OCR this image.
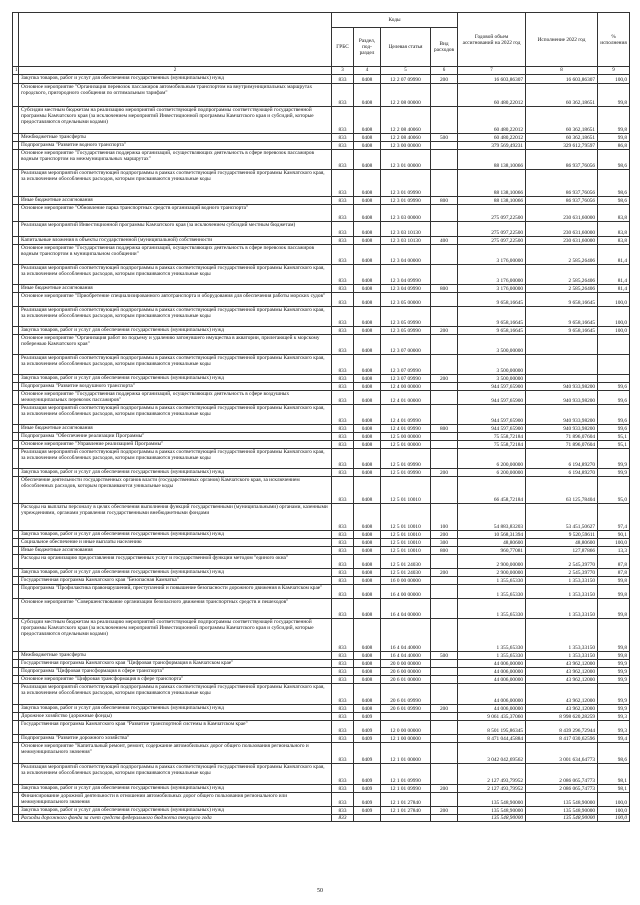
		Коды				Годовой объем ассигнований на 2022 год	Исполнение 2022 год	% исполнения
		ГРБС	Раздел, под-раздел	Целевая статья	Вид расходов			
1	2	3	4	5	6	7	8	9
	Закупка товаров, работ и услуг для обеспечения государственных (муниципальных) нужд	833	0408	12 2 07 09990	200	16 603,86307	16 603,86307	100,0
	Основное мероприятие "Организация перевозок пассажиров автомобильным транспортом на внутримуниципальных маршрутах городского, пригородного сообщения по оптимальным тарифам"	833	0408	12 2 08 00000		60 480,22012	60 362,18651	99,8
	Субсидии местным бюджетам на реализацию мероприятий соответствующей подпрограммы соответствующей государственной программы Камчатского края (за исключением мероприятий Инвестиционной программы Камчатского края и субсидий, которые предоставляются отдельными кодами)	833	0408	12 2 08 40060		60 480,22012	60 362,18651	99,8
	Межбюджетные трансферты	833	0408	12 2 08 40060	500	60 480,22012	60 362,18651	99,8
	Подпрограмма "Развитие водного транспорта"	833	0408	12 3 00 00000		379 569,49231	329 612,79597	86,8
	Основное мероприятие "Государственная поддержка организаций, осуществляющих деятельность в сфере перевозок пассажиров водным транспортом на межмуниципальных маршрутах"	833	0408	12 3 01 00000		88 138,10066	86 937,76056	98,6
	Реализация мероприятий соответствующей подпрограммы в рамках соответствующей государственной программы Камчатского края, за исключением обособленных расходов, которым присваиваются уникальные коды	833	0408	12 3 01 09990		88 138,10066	86 937,76056	98,6
	Иные бюджетные ассигнования	833	0408	12 3 01 09990	800	88 138,10066	86 937,76056	98,6
	Основное мероприятие "Обновление парка транспортных средств организаций водного транспорта"	833	0408	12 3 03 00000		275 097,22500	230 631,60000	83,8
	Реализация мероприятий Инвестиционной программы Камчатского края (за исключением субсидий местным бюджетам)	833	0408	12 3 03 10130		275 097,22500	230 631,60000	83,8
	Капитальные вложения в объекты государственной (муниципальной) собственности	833	0408	12 3 03 10130	400	275 097,22500	230 631,60000	83,8
	Основное мероприятие "Государственная поддержка организаций, осуществляющих деятельность в сфере перевозок пассажиров водным транспортом в муниципальном сообщении"	833	0408	12 3 04 00000		3 176,00000	2 585,26406	81,4
	Реализация мероприятий соответствующей подпрограммы в рамках соответствующей государственной программы Камчатского края, за исключением обособленных расходов, которым присваиваются уникальные коды	833	0408	12 3 04 09990		3 176,00000	2 585,26406	81,4
	Иные бюджетные ассигнования	833	0408	12 3 04 09990	800	3 176,00000	2 585,26406	81,4
	Основное мероприятие "Приобретение специализированного автотранспорта и оборудования для обеспечения работы морских судов"	833	0408	12 3 05 00000		9 658,16645	9 658,16645	100,0
	Реализация мероприятий соответствующей подпрограммы в рамках соответствующей государственной программы Камчатского края, за исключением обособленных расходов, которым присваиваются уникальные коды	833	0408	12 3 05 09990		9 658,16645	9 658,16645	100,0
	Закупка товаров, работ и услуг для обеспечения государственных (муниципальных) нужд	833	0408	12 3 05 09990	200	9 658,16645	9 658,16645	100,0
	Основное мероприятие "Организация работ по подъему и удалению затонувшего имущества в акватории, прилегающей к морскому побережью Камчатского края"	833	0408	12 3 07 00000		3 500,00000		
	Реализация мероприятий соответствующей подпрограммы в рамках соответствующей государственной программы Камчатского края, за исключением обособленных расходов, которым присваиваются уникальные коды	833	0408	12 3 07 09990		3 500,00000		
	Закупка товаров, работ и услуг для обеспечения государственных (муниципальных) нужд	833	0408	12 3 07 09990	200	3 500,00000		
	Подпрограмма "Развитие воздушного транспорта"	833	0408	12 4 00 00000		944 597,65900	940 933,98200	99,6
	Основное мероприятие "Государственная поддержка организаций, осуществляющих деятельность в сфере воздушных межмуниципальных перевозок пассажиров"	833	0408	12 4 01 00000		944 597,65900	940 933,98200	99,6
	Реализация мероприятий соответствующей подпрограммы в рамках соответствующей государственной программы Камчатского края, за исключением обособленных расходов, которым присваиваются уникальные коды	833	0408	12 4 01 09990		944 597,65900	940 933,98200	99,6
	Иные бюджетные ассигнования	833	0408	12 4 01 09990	800	944 597,65900	940 933,98200	99,6
	Подпрограмма "Обеспечение реализации Программы"	833	0408	12 5 00 00000		75 558,72184	71 896,07604	95,1
	Основное мероприятие "Управление реализацией Программы"	833	0408	12 5 01 00000		75 558,72184	71 896,07604	95,1
	Реализация мероприятий соответствующей подпрограммы в рамках соответствующей государственной программы Камчатского края, за исключением обособленных расходов, которым присваиваются уникальные коды	833	0408	12 5 01 09990		6 200,00000	6 194,89270	99,9
	Закупка товаров, работ и услуг для обеспечения государственных (муниципальных) нужд	833	0408	12 5 01 09990	200	6 200,00000	6 194,89270	99,9
	Обеспечение деятельности государственных органов власти (государственных органов) Камчатского края, за исключением обособленных расходов, которым присваиваются уникальные коды	833	0408	12 5 01 10010		66 458,72184	63 125,78404	95,0
	Расходы на выплаты персоналу в целях обеспечения выполнения функций государственными (муниципальными) органами, казенными учреждениями, органами управления государственными внебюджетными фондами	833	0408	12 5 01 10010	100	54 883,83203	53 451,50627	97,4
	Закупка товаров, работ и услуг для обеспечения государственных (муниципальных) нужд	833	0408	12 5 01 10010	200	10 568,31394	9 520,59611	90,1
	Социальное обеспечение и иные выплаты населению	833	0408	12 5 01 10010	300	48,80600	48,80600	100,0
	Иные бюджетные ассигнования	833	0408	12 5 01 10010	800	960,77081	127,87866	13,3
	Расходы на организацию предоставления государственных услуг и государственной функции методом "единого окна"	833	0408	12 5 01 24030		2 900,00000	2 545,39770	87,8
	Закупка товаров, работ и услуг для обеспечения государственных (муниципальных) нужд	833	0408	12 5 01 24030	200	2 900,00000	2 545,39770	87,8
	Государственная программа Камчатского края "Безопасная Камчатка"	833	0408	16 0 00 00000		1 355,65330	1 353,33150	99,8
	Подпрограмма "Профилактика правонарушений, преступлений и повышение безопасности дорожного движения в Камчатском крае"	833	0408	16 4 00 00000		1 355,65330	1 353,33150	99,8
	Основное мероприятие "Совершенствование организации безопасного движения транспортных средств и пешеходов"	833	0408	16 4 04 00000		1 355,65330	1 353,33150	99,8
	Субсидии местным бюджетам на реализацию мероприятий соответствующей подпрограммы соответствующей государственной программы Камчатского края (за исключением мероприятий Инвестиционной программы Камчатского края и субсидий, которые предоставляются отдельными кодами)	833	0408	16 4 04 40000		1 355,65330	1 353,33150	99,8
	Межбюджетные трансферты	833	0408	16 4 04 40000	500	1 355,65330	1 353,33150	99,8
	Государственная программа Камчатского края "Цифровая трансформация в Камчатском крае"	833	0408	20 0 00 00000		44 006,00000	43 962,12000	99,9
	Подпрограмма "Цифровая трансформация в сфере транспорта"	833	0408	20 6 00 00000		44 006,00000	43 962,12000	99,9
	Основное мероприятие "Цифровая трансформация в сфере транспорта"	833	0408	20 6 01 00000		44 006,00000	43 962,12000	99,9
	Реализация мероприятий соответствующей подпрограммы в рамках соответствующей государственной программы Камчатского края, за исключением обособленных расходов, которым присваиваются уникальные коды	833	0408	20 6 01 09990		44 006,00000	43 962,12000	99,9
	Закупка товаров, работ и услуг для обеспечения государственных (муниципальных) нужд	833	0408	20 6 01 09990	200	44 006,00000	43 962,12000	99,9
	Дорожное хозяйство (дорожные фонды)	833	0409			9 061 435,37060	8 998 620,28259	99,3
	Государственная программа Камчатского края "Развитие транспортной системы в Камчатском крае"	833	0409	12 0 00 00000		8 501 195,86345	8 439 296,72944	99,3
	Подпрограмма "Развитие дорожного хозяйства"	833	0409	12 1 00 00000		8 471 044,45884	8 417 030,62596	99,4
	Основное мероприятие "Капитальный ремонт, ремонт, содержание автомобильных дорог общего пользования регионального и межмуниципального значения"	833	0409	12 1 01 00000		3 042 042,69562	3 001 634,64773	98,6
	Реализация мероприятий соответствующей подпрограммы в рамках соответствующей государственной программы Камчатского края, за исключением обособленных расходов, которым присваиваются уникальные коды	833	0409	12 1 01 09990		2 127 493,79952	2 086 065,74773	98,1
	Закупка товаров, работ и услуг для обеспечения государственных (муниципальных) нужд	833	0409	12 1 01 09990	200	2 127 493,79952	2 086 065,74773	98,1
	Финансирование дорожной деятельности в отношении автомобильных дорог общего пользования регионального или межмуниципального значения	833	0409	12 1 01 27840		135 548,90000	135 548,90000	100,0
	Закупка товаров, работ и услуг для обеспечения государственных (муниципальных) нужд	833	0409	12 1 01 27840	200	135 548,90000	135 548,90000	100,0
	Расходы дорожного фонда за счет средств федерального бюджета текущего года	833				135 548,90000	135 548,90000	100,0
50
